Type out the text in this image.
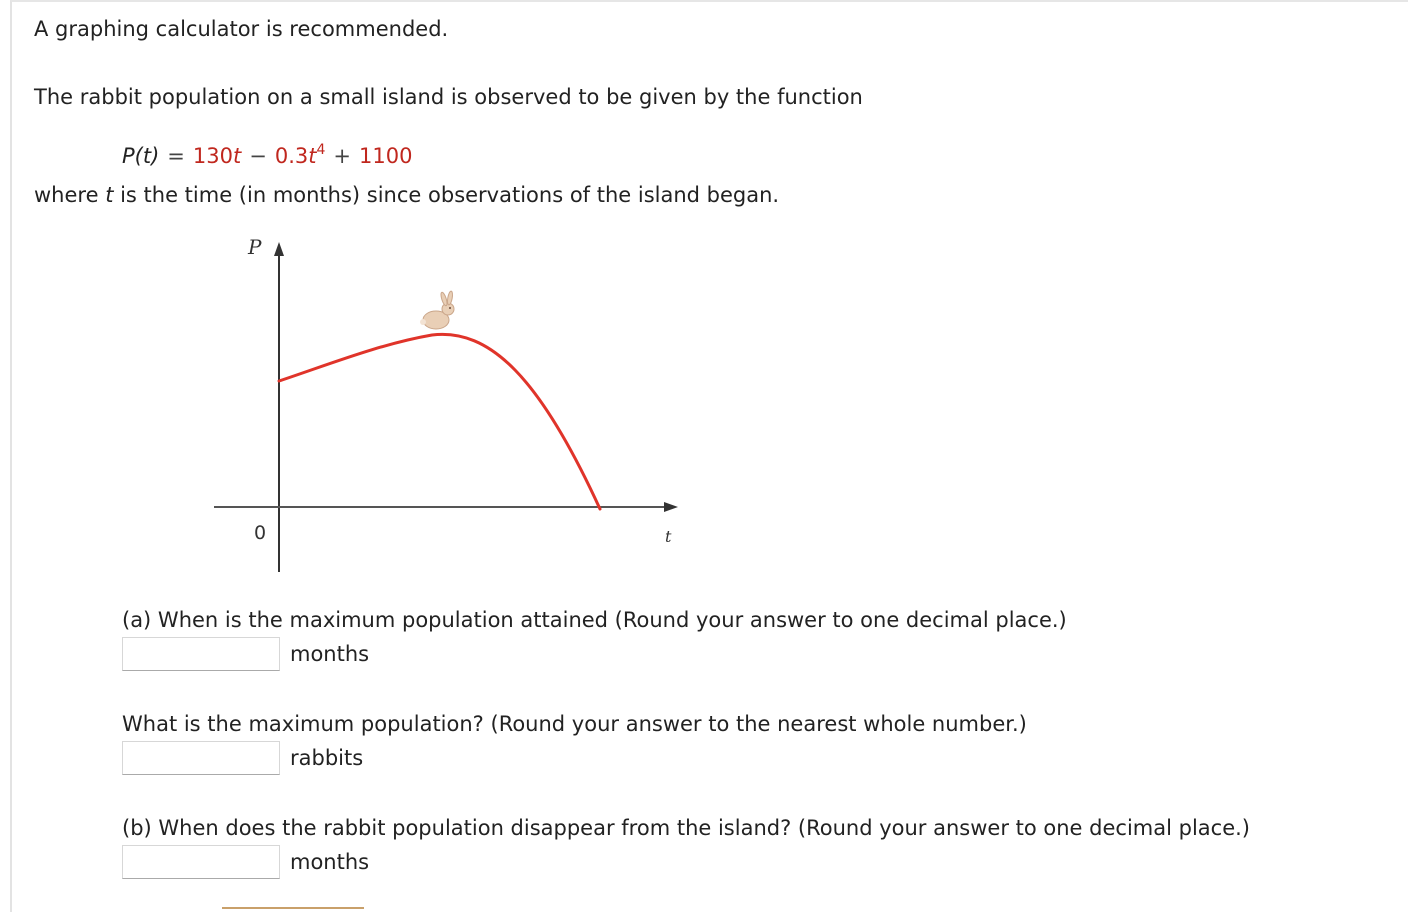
A graphing calculator is recommended.
The rabbit population on a small island is observed to be given by the function
$P(t) = 130t - 0.3t^4 + 1100$
where t is the time (in months) since observations of the island began.
P
t
0
(a) When is the maximum population attained (Round your answer to one decimal place.)
months
What is the maximum population? (Round your answer to the nearest whole number.)
rabbits
(b) When does the rabbit population disappear from the island? (Round your answer to one decimal place.)
months
